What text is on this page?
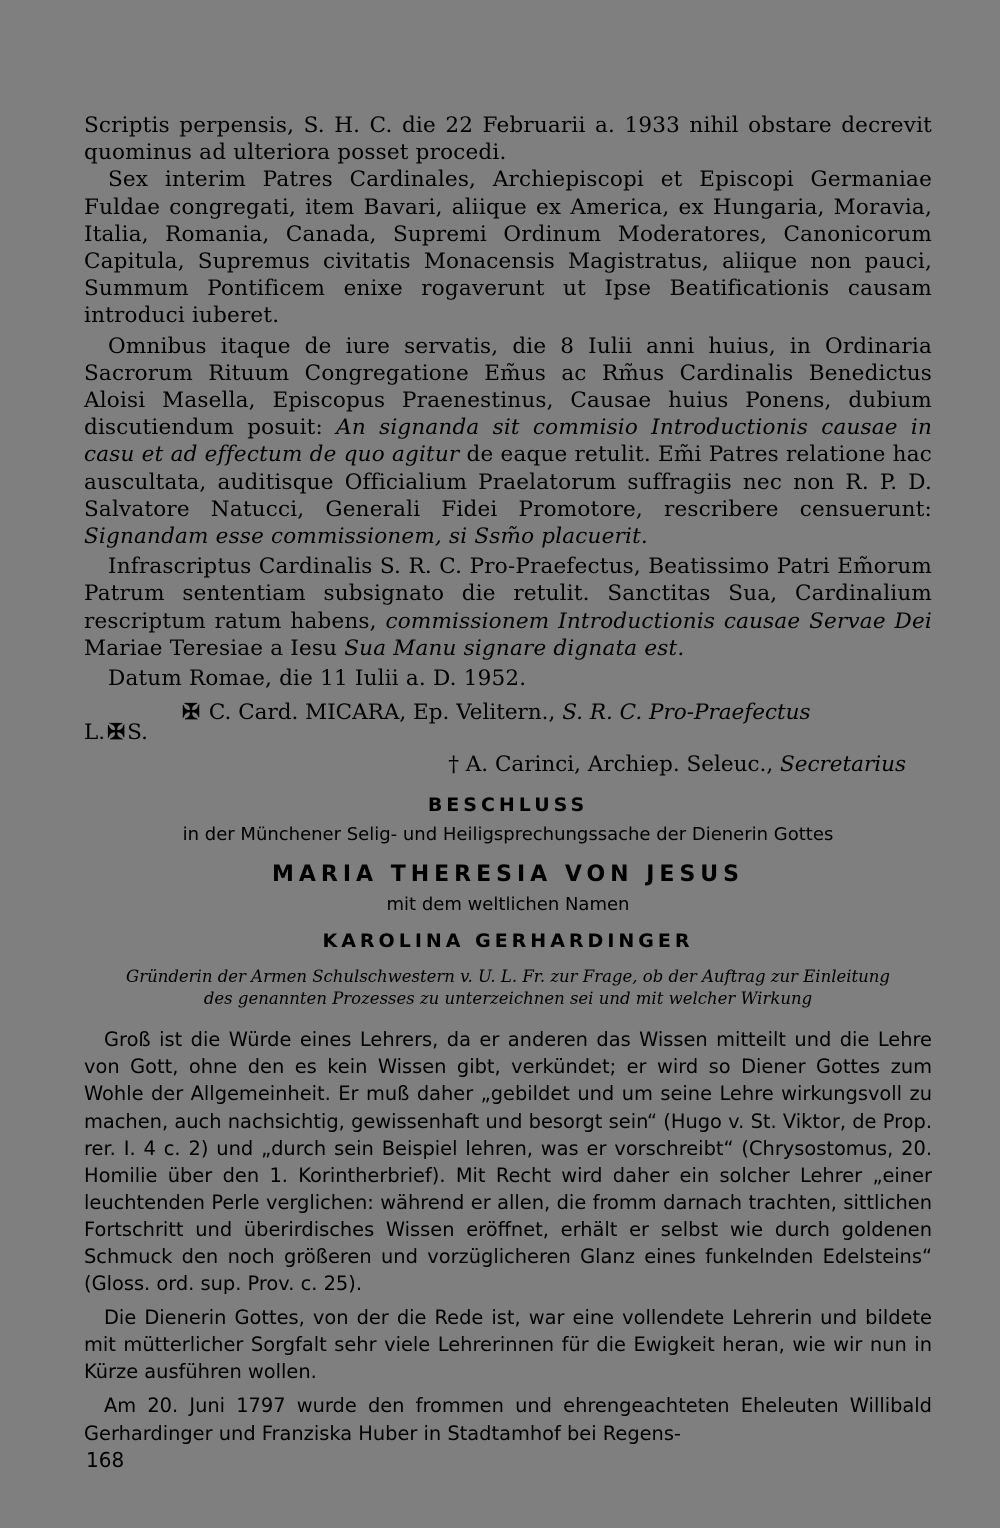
Scriptis perpensis, S. H. C. die 22 Februarii a. 1933 nihil obstare decrevit quominus ad ulteriora posset procedi.

Sex interim Patres Cardinales, Archiepiscopi et Episcopi Germaniae Fuldae congregati, item Bavari, aliique ex America, ex Hungaria, Moravia, Italia, Romania, Canada, Supremi Ordinum Moderatores, Canonicorum Capitula, Supremus civitatis Monacensis Magistratus, aliique non pauci, Summum Pontificem enixe rogaverunt ut Ipse Beatificationis causam introduci iuberet.

Omnibus itaque de iure servatis, die 8 Iulii anni huius, in Ordinaria Sacrorum Rituum Congregatione Em̃us ac Rm̃us Cardinalis Benedictus Aloisi Masella, Episcopus Praenestinus, Causae huius Ponens, dubium discutiendum posuit: An signanda sit commisio Introductionis causae in casu et ad effectum de quo agitur de eaque retulit. Em̃i Patres relatione hac auscultata, auditisque Officialium Praelatorum suffragiis nec non R. P. D. Salvatore Natucci, Generali Fidei Promotore, rescribere censuerunt: Signandam esse commissionem, si Ssm̃o placuerit.

Infrascriptus Cardinalis S. R. C. Pro-Praefectus, Beatissimo Patri Em̃orum Patrum sententiam subsignato die retulit. Sanctitas Sua, Cardinalium rescriptum ratum habens, commissionem Introductionis causae Servae Dei Mariae Teresiae a Iesu Sua Manu signare dignata est.

Datum Romae, die 11 Iulii a. D. 1952.

✠ C. Card. MICARA, Ep. Velitern., S. R. C. Pro-Praefectus
L.✠S.
† A. Carinci, Archiep. Seleuc., Secretarius
BESCHLUSS
in der Münchener Selig- und Heiligsprechungssache der Dienerin Gottes
MARIA THERESIA VON JESUS
mit dem weltlichen Namen
KAROLINA GERHARDINGER
Gründerin der Armen Schulschwestern v. U. L. Fr. zur Frage, ob der Auftrag zur Einleitung
des genannten Prozesses zu unterzeichnen sei und mit welcher Wirkung

Groß ist die Würde eines Lehrers, da er anderen das Wissen mitteilt und die Lehre von Gott, ohne den es kein Wissen gibt, verkündet; er wird so Diener Gottes zum Wohle der Allgemeinheit. Er muß daher „gebildet und um seine Lehre wirkungsvoll zu machen, auch nachsichtig, gewissenhaft und besorgt sein“ (Hugo v. St. Viktor, de Prop. rer. I. 4 c. 2) und „durch sein Beispiel lehren, was er vorschreibt“ (Chrysostomus, 20. Homilie über den 1. Korintherbrief). Mit Recht wird daher ein solcher Lehrer „einer leuchtenden Perle verglichen: während er allen, die fromm darnach trachten, sittlichen Fortschritt und überirdisches Wissen eröffnet, erhält er selbst wie durch goldenen Schmuck den noch größeren und vorzüglicheren Glanz eines funkelnden Edelsteins“ (Gloss. ord. sup. Prov. c. 25).

Die Dienerin Gottes, von der die Rede ist, war eine vollendete Lehrerin und bildete mit mütterlicher Sorgfalt sehr viele Lehrerinnen für die Ewigkeit heran, wie wir nun in Kürze ausführen wollen.

Am 20. Juni 1797 wurde den frommen und ehrengeachteten Eheleuten Willibald Gerhardinger und Franziska Huber in Stadtamhof bei Regens-

168
